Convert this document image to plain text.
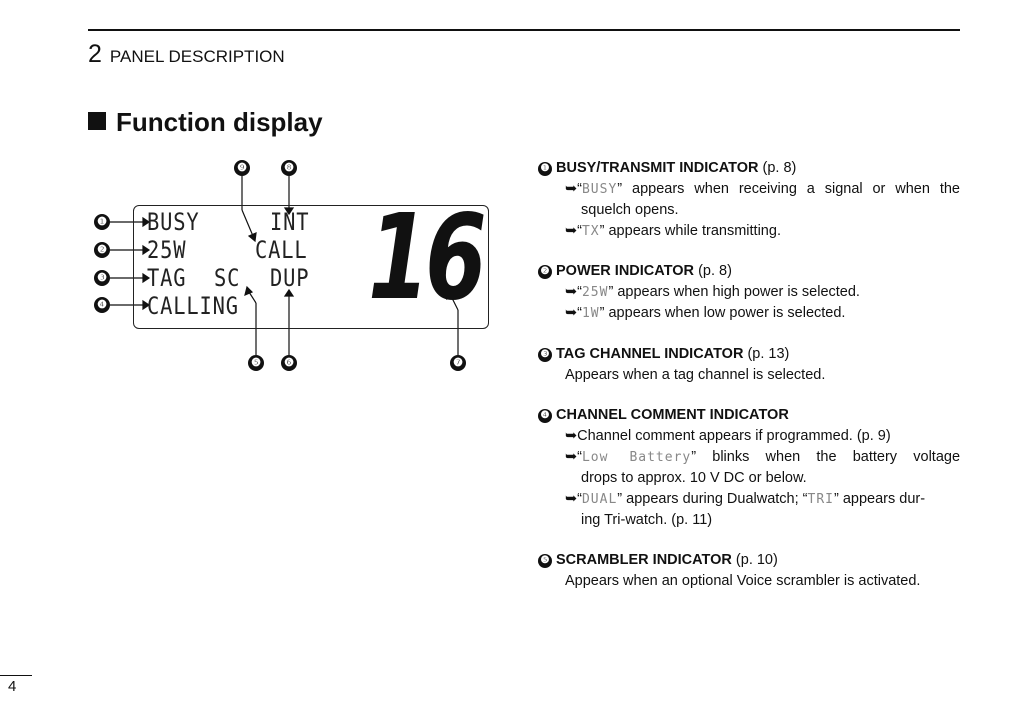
2 PANEL DESCRIPTION
Function display
❶
❷
❸
❹
❺ ❻	❼
❽
❾
BUSY	INT
25W	CALL
TAG SC DUP
CALLING 16
❶ BUSY/TRANSMIT INDICATOR (p. 8)
➥“BUSY” appears when receiving a signal or when the
squelch opens.
➥“TX” appears while transmitting.
❷ POWER INDICATOR (p. 8)
➥“25W” appears when high power is selected.
➥“1W” appears when low power is selected.
❸ TAG CHANNEL INDICATOR (p. 13)
Appears when a tag channel is selected.
❹ CHANNEL COMMENT INDICATOR
➥Channel comment appears if programmed. (p. 9)
➥“Low Battery” blinks when the battery voltage
drops to approx. 10 V DC or below.
➥“DUAL” appears during Dualwatch; “TRI” appears dur-
ing Tri-watch. (p. 11)
❺ SCRAMBLER INDICATOR (p. 10)
Appears when an optional Voice scrambler is activated.
4
